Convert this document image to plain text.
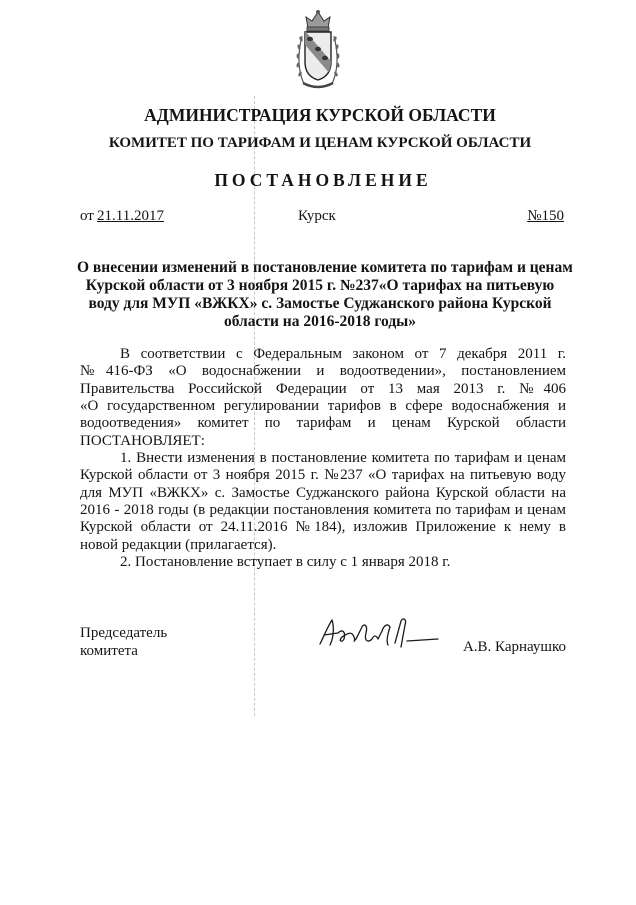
АДМИНИСТРАЦИЯ КУРСКОЙ ОБЛАСТИ
КОМИТЕТ ПО ТАРИФАМ И ЦЕНАМ КУРСКОЙ ОБЛАСТИ
ПОСТАНОВЛЕНИЕ
от 21.11.2017	Курск	№150
О внесении изменений в постановление комитета по тарифам и ценам
Курской области от 3 ноября 2015 г. №237«О тарифах на питьевую
воду для МУП «ВЖКХ» с. Замостье Суджанского района Курской
области на 2016-2018 годы»
В соответствии с Федеральным законом от 7 декабря 2011 г.
№416-ФЗ «О водоснабжении и водоотведении», постановлением
Правительства Российской Федерации от 13 мая 2013 г. №406
«О государственном регулировании тарифов в сфере водоснабжения и
водоотведения» комитет по тарифам и ценам Курской области
ПОСТАНОВЛЯЕТ:
1. Внести изменения в постановление комитета по тарифам и ценам
Курской области от 3 ноября 2015 г. №237 «О тарифах на питьевую воду
для МУП «ВЖКХ» с. Замостье Суджанского района Курской области на
2016 - 2018 годы (в редакции постановления комитета по тарифам и ценам
Курской области от 24.11.2016 №184), изложив Приложение к нему в
новой редакции (прилагается).
2. Постановление вступает в силу с 1 января 2018 г.
Председатель
комитета	А.В. Карнаушко
